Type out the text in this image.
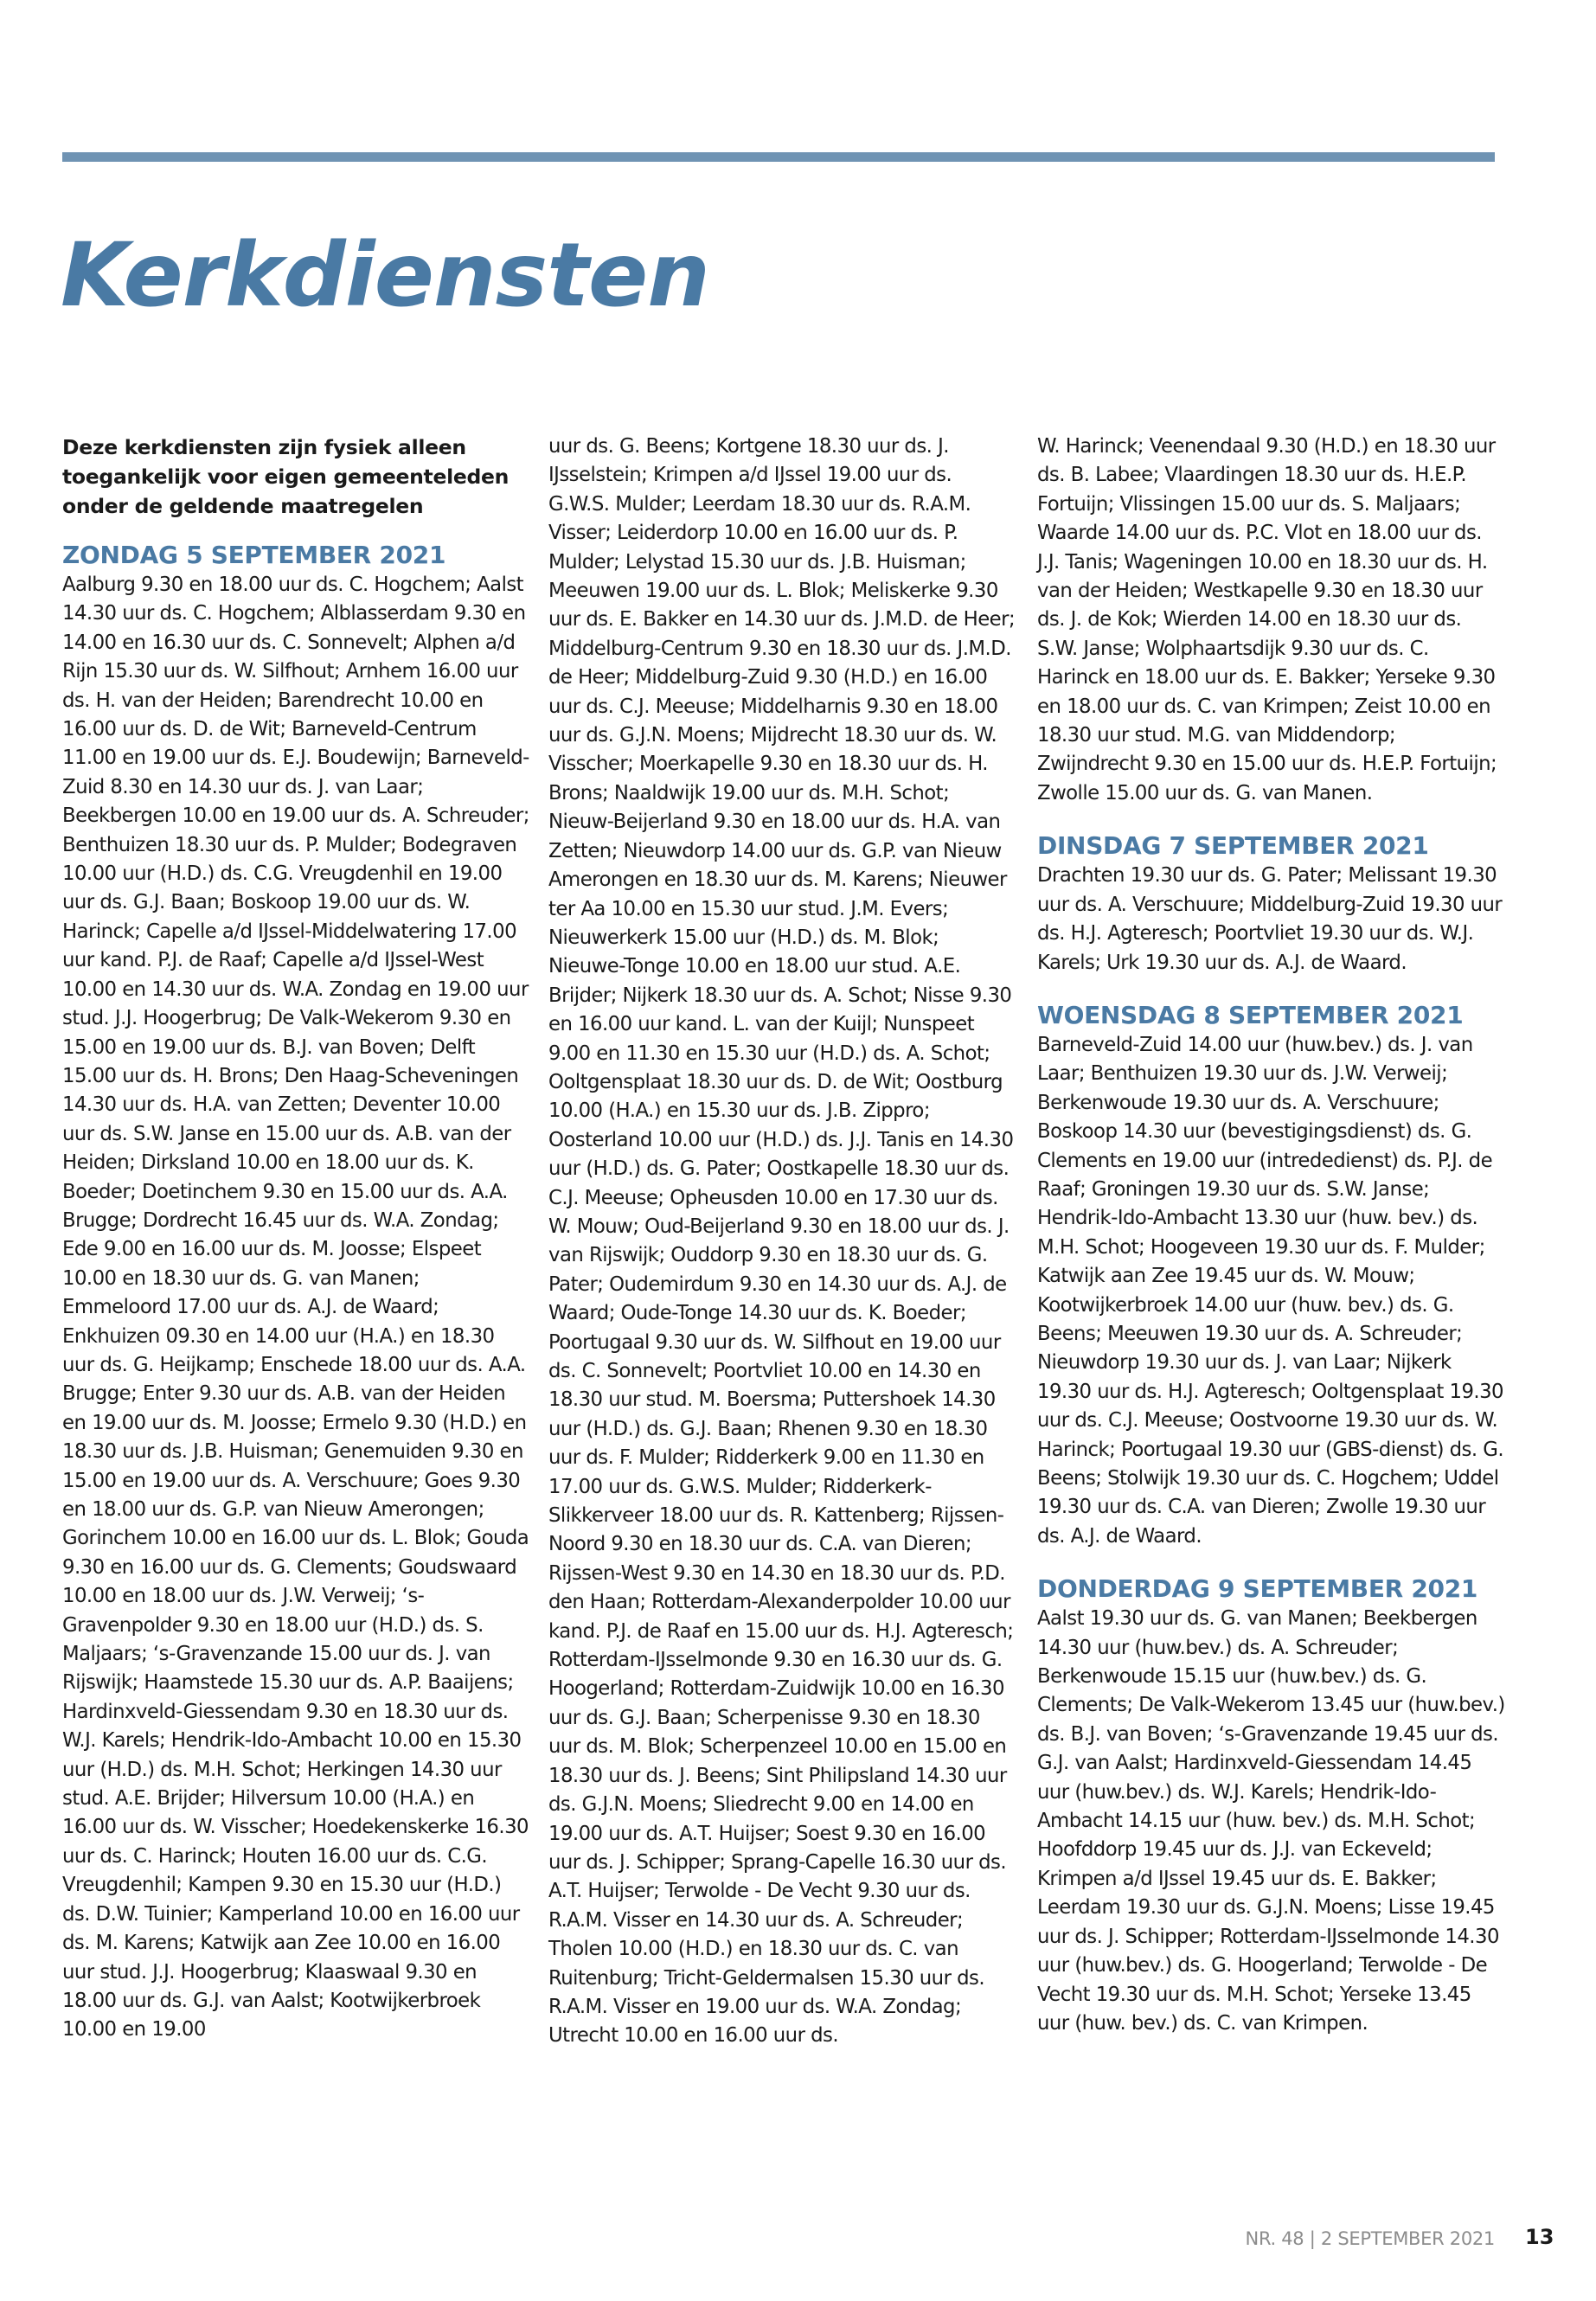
Kerkdiensten

Deze kerkdiensten zijn fysiek alleen toegankelijk voor eigen gemeenteleden onder de geldende maatregelen

ZONDAG 5 SEPTEMBER 2021
Aalburg 9.30 en 18.00 uur ds. C. Hogchem; Aalst 14.30 uur ds. C. Hogchem; Alblasserdam 9.30 en 14.00 en 16.30 uur ds. C. Sonnevelt; Alphen a/d Rijn 15.30 uur ds. W. Silfhout; Arnhem 16.00 uur ds. H. van der Heiden; Barendrecht 10.00 en 16.00 uur ds. D. de Wit; Barneveld-Centrum 11.00 en 19.00 uur ds. E.J. Boudewijn; Barneveld-Zuid 8.30 en 14.30 uur ds. J. van Laar; Beekbergen 10.00 en 19.00 uur ds. A. Schreuder; Benthuizen 18.30 uur ds. P. Mulder; Bodegraven 10.00 uur (H.D.) ds. C.G. Vreugdenhil en 19.00 uur ds. G.J. Baan; Boskoop 19.00 uur ds. W. Harinck; Capelle a/d IJssel-Middelwatering 17.00 uur kand. P.J. de Raaf; Capelle a/d IJssel-West 10.00 en 14.30 uur ds. W.A. Zondag en 19.00 uur stud. J.J. Hoogerbrug; De Valk-Wekerom 9.30 en 15.00 en 19.00 uur ds. B.J. van Boven; Delft 15.00 uur ds. H. Brons; Den Haag-Scheveningen 14.30 uur ds. H.A. van Zetten; Deventer 10.00 uur ds. S.W. Janse en 15.00 uur ds. A.B. van der Heiden; Dirksland 10.00 en 18.00 uur ds. K. Boeder; Doetinchem 9.30 en 15.00 uur ds. A.A. Brugge; Dordrecht 16.45 uur ds. W.A. Zondag; Ede 9.00 en 16.00 uur ds. M. Joosse; Elspeet 10.00 en 18.30 uur ds. G. van Manen; Emmeloord 17.00 uur ds. A.J. de Waard; Enkhuizen 09.30 en 14.00 uur (H.A.) en 18.30 uur ds. G. Heijkamp; Enschede 18.00 uur ds. A.A. Brugge; Enter 9.30 uur ds. A.B. van der Heiden en 19.00 uur ds. M. Joosse; Ermelo 9.30 (H.D.) en 18.30 uur ds. J.B. Huisman; Genemuiden 9.30 en 15.00 en 19.00 uur ds. A. Verschuure; Goes 9.30 en 18.00 uur ds. G.P. van Nieuw Amerongen; Gorinchem 10.00 en 16.00 uur ds. L. Blok; Gouda 9.30 en 16.00 uur ds. G. Clements; Goudswaard 10.00 en 18.00 uur ds. J.W. Verweij; ‘s-Gravenpolder 9.30 en 18.00 uur (H.D.) ds. S. Maljaars; ‘s-Gravenzande 15.00 uur ds. J. van Rijswijk; Haamstede 15.30 uur ds. A.P. Baaijens; Hardinxveld-Giessendam 9.30 en 18.30 uur ds. W.J. Karels; Hendrik-Ido-Ambacht 10.00 en 15.30 uur (H.D.) ds. M.H. Schot; Herkingen 14.30 uur stud. A.E. Brijder; Hilversum 10.00 (H.A.) en 16.00 uur ds. W. Visscher; Hoedekenskerke 16.30 uur ds. C. Harinck; Houten 16.00 uur ds. C.G. Vreugdenhil; Kampen 9.30 en 15.30 uur (H.D.) ds. D.W. Tuinier; Kamperland 10.00 en 16.00 uur ds. M. Karens; Katwijk aan Zee 10.00 en 16.00 uur stud. J.J. Hoogerbrug; Klaaswaal 9.30 en 18.00 uur ds. G.J. van Aalst; Kootwijkerbroek 10.00 en 19.00
uur ds. G. Beens; Kortgene 18.30 uur ds. J. IJsselstein; Krimpen a/d IJssel 19.00 uur ds. G.W.S. Mulder; Leerdam 18.30 uur ds. R.A.M. Visser; Leiderdorp 10.00 en 16.00 uur ds. P. Mulder; Lelystad 15.30 uur ds. J.B. Huisman; Meeuwen 19.00 uur ds. L. Blok; Meliskerke 9.30 uur ds. E. Bakker en 14.30 uur ds. J.M.D. de Heer; Middelburg-Centrum 9.30 en 18.30 uur ds. J.M.D. de Heer; Middelburg-Zuid 9.30 (H.D.) en 16.00 uur ds. C.J. Meeuse; Middelharnis 9.30 en 18.00 uur ds. G.J.N. Moens; Mijdrecht 18.30 uur ds. W. Visscher; Moerkapelle 9.30 en 18.30 uur ds. H. Brons; Naaldwijk 19.00 uur ds. M.H. Schot; Nieuw-Beijerland 9.30 en 18.00 uur ds. H.A. van Zetten; Nieuwdorp 14.00 uur ds. G.P. van Nieuw Amerongen en 18.30 uur ds. M. Karens; Nieuwer ter Aa 10.00 en 15.30 uur stud. J.M. Evers; Nieuwerkerk 15.00 uur (H.D.) ds. M. Blok; Nieuwe-Tonge 10.00 en 18.00 uur stud. A.E. Brijder; Nijkerk 18.30 uur ds. A. Schot; Nisse 9.30 en 16.00 uur kand. L. van der Kuijl; Nunspeet 9.00 en 11.30 en 15.30 uur (H.D.) ds. A. Schot; Ooltgensplaat 18.30 uur ds. D. de Wit; Oostburg 10.00 (H.A.) en 15.30 uur ds. J.B. Zippro; Oosterland 10.00 uur (H.D.) ds. J.J. Tanis en 14.30 uur (H.D.) ds. G. Pater; Oostkapelle 18.30 uur ds. C.J. Meeuse; Opheusden 10.00 en 17.30 uur ds. W. Mouw; Oud-Beijerland 9.30 en 18.00 uur ds. J. van Rijswijk; Ouddorp 9.30 en 18.30 uur ds. G. Pater; Oudemirdum 9.30 en 14.30 uur ds. A.J. de Waard; Oude-Tonge 14.30 uur ds. K. Boeder; Poortugaal 9.30 uur ds. W. Silfhout en 19.00 uur ds. C. Sonnevelt; Poortvliet 10.00 en 14.30 en 18.30 uur stud. M. Boersma; Puttershoek 14.30 uur (H.D.) ds. G.J. Baan; Rhenen 9.30 en 18.30 uur ds. F. Mulder; Ridderkerk 9.00 en 11.30 en 17.00 uur ds. G.W.S. Mulder; Ridderkerk-Slikkerveer 18.00 uur ds. R. Kattenberg; Rijssen-Noord 9.30 en 18.30 uur ds. C.A. van Dieren; Rijssen-West 9.30 en 14.30 en 18.30 uur ds. P.D. den Haan; Rotterdam-Alexanderpolder 10.00 uur kand. P.J. de Raaf en 15.00 uur ds. H.J. Agteresch; Rotterdam-IJsselmonde 9.30 en 16.30 uur ds. G. Hoogerland; Rotterdam-Zuidwijk 10.00 en 16.30 uur ds. G.J. Baan; Scherpenisse 9.30 en 18.30 uur ds. M. Blok; Scherpenzeel 10.00 en 15.00 en 18.30 uur ds. J. Beens; Sint Philipsland 14.30 uur ds. G.J.N. Moens; Sliedrecht 9.00 en 14.00 en 19.00 uur ds. A.T. Huijser; Soest 9.30 en 16.00 uur ds. J. Schipper; Sprang-Capelle 16.30 uur ds. A.T. Huijser; Terwolde - De Vecht 9.30 uur ds. R.A.M. Visser en 14.30 uur ds. A. Schreuder; Tholen 10.00 (H.D.) en 18.30 uur ds. C. van Ruitenburg; Tricht-Geldermalsen 15.30 uur ds. R.A.M. Visser en 19.00 uur ds. W.A. Zondag; Utrecht 10.00 en 16.00 uur ds.
W. Harinck; Veenendaal 9.30 (H.D.) en 18.30 uur ds. B. Labee; Vlaardingen 18.30 uur ds. H.E.P. Fortuijn; Vlissingen 15.00 uur ds. S. Maljaars; Waarde 14.00 uur ds. P.C. Vlot en 18.00 uur ds. J.J. Tanis; Wageningen 10.00 en 18.30 uur ds. H. van der Heiden; Westkapelle 9.30 en 18.30 uur ds. J. de Kok; Wierden 14.00 en 18.30 uur ds. S.W. Janse; Wolphaartsdijk 9.30 uur ds. C. Harinck en 18.00 uur ds. E. Bakker; Yerseke 9.30 en 18.00 uur ds. C. van Krimpen; Zeist 10.00 en 18.30 uur stud. M.G. van Middendorp; Zwijndrecht 9.30 en 15.00 uur ds. H.E.P. Fortuijn; Zwolle 15.00 uur ds. G. van Manen.
DINSDAG 7 SEPTEMBER 2021
Drachten 19.30 uur ds. G. Pater; Melissant 19.30 uur ds. A. Verschuure; Middelburg-Zuid 19.30 uur ds. H.J. Agteresch; Poortvliet 19.30 uur ds. W.J. Karels; Urk 19.30 uur ds. A.J. de Waard.
WOENSDAG 8 SEPTEMBER 2021
Barneveld-Zuid 14.00 uur (huw.bev.) ds. J. van Laar; Benthuizen 19.30 uur ds. J.W. Verweij; Berkenwoude 19.30 uur ds. A. Verschuure; Boskoop 14.30 uur (bevestigingsdienst) ds. G. Clements en 19.00 uur (intrededienst) ds. P.J. de Raaf; Groningen 19.30 uur ds. S.W. Janse; Hendrik-Ido-Ambacht 13.30 uur (huw. bev.) ds. M.H. Schot; Hoogeveen 19.30 uur ds. F. Mulder; Katwijk aan Zee 19.45 uur ds. W. Mouw; Kootwijkerbroek 14.00 uur (huw. bev.) ds. G. Beens; Meeuwen 19.30 uur ds. A. Schreuder; Nieuwdorp 19.30 uur ds. J. van Laar; Nijkerk 19.30 uur ds. H.J. Agteresch; Ooltgensplaat 19.30 uur ds. C.J. Meeuse; Oostvoorne 19.30 uur ds. W. Harinck; Poortugaal 19.30 uur (GBS-dienst) ds. G. Beens; Stolwijk 19.30 uur ds. C. Hogchem; Uddel 19.30 uur ds. C.A. van Dieren; Zwolle 19.30 uur ds. A.J. de Waard.
DONDERDAG 9 SEPTEMBER 2021
Aalst 19.30 uur ds. G. van Manen; Beekbergen 14.30 uur (huw.bev.) ds. A. Schreuder; Berkenwoude 15.15 uur (huw.bev.) ds. G. Clements; De Valk-Wekerom 13.45 uur (huw.bev.) ds. B.J. van Boven; ‘s-Gravenzande 19.45 uur ds. G.J. van Aalst; Hardinxveld-Giessendam 14.45 uur (huw.bev.) ds. W.J. Karels; Hendrik-Ido-Ambacht 14.15 uur (huw. bev.) ds. M.H. Schot; Hoofddorp 19.45 uur ds. J.J. van Eckeveld; Krimpen a/d IJssel 19.45 uur ds. E. Bakker; Leerdam 19.30 uur ds. G.J.N. Moens; Lisse 19.45 uur ds. J. Schipper; Rotterdam-IJsselmonde 14.30 uur (huw.bev.) ds. G. Hoogerland; Terwolde - De Vecht 19.30 uur ds. M.H. Schot; Yerseke 13.45 uur (huw. bev.) ds. C. van Krimpen.
NR. 48 | 2 SEPTEMBER 2021 13
